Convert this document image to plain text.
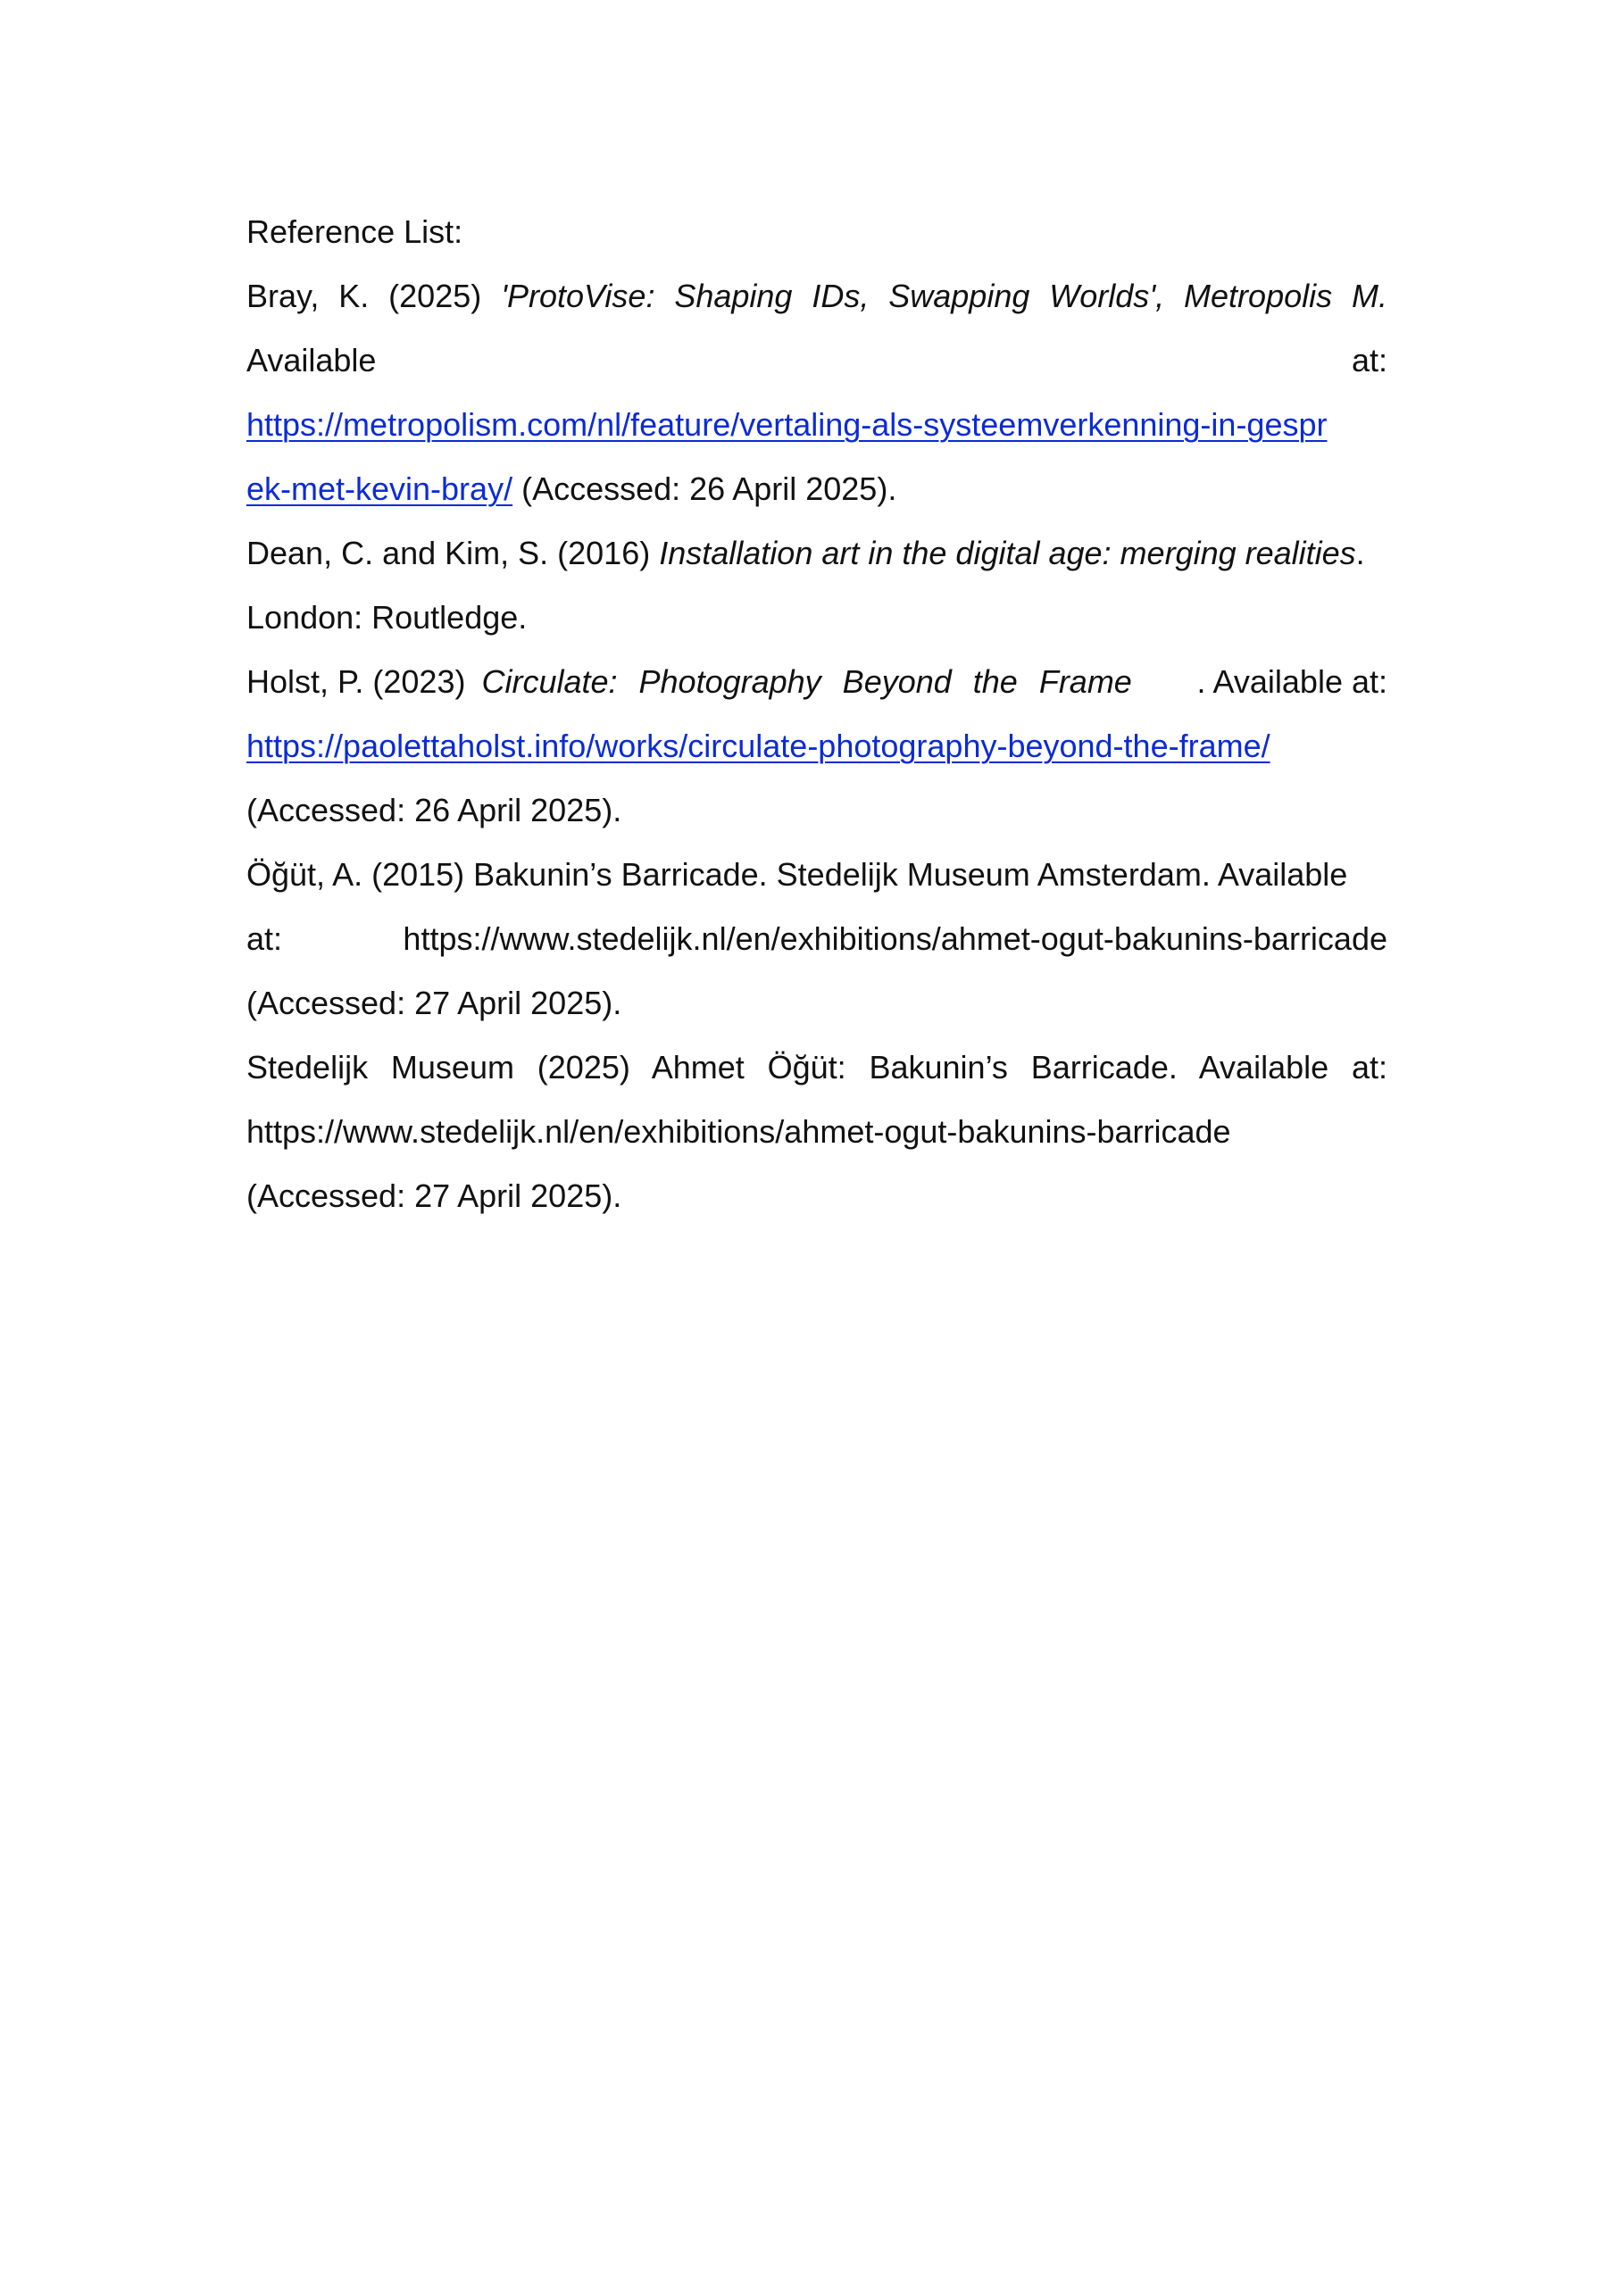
Reference List:
Bray, K. (2025) 'ProtoVise: Shaping IDs, Swapping Worlds', Metropolis M.
Available	at:
https://metropolism.com/nl/feature/vertaling-als-systeemverkenning-in-gespr
ek-met-kevin-bray/ (Accessed: 26 April 2025).
Dean, C. and Kim, S. (2016) Installation art in the digital age: merging realities.
London: Routledge.
Holst, P. (2023) Circulate: Photography Beyond the Frame . Available at:
https://paolettaholst.info/works/circulate-photography-beyond-the-frame/
(Accessed: 26 April 2025).
Öğüt, A. (2015) Bakunin’s Barricade. Stedelijk Museum Amsterdam. Available
at:	https://www.stedelijk.nl/en/exhibitions/ahmet-ogut-bakunins-barricade
(Accessed: 27 April 2025).
Stedelijk Museum (2025) Ahmet Öğüt: Bakunin’s Barricade. Available at:
https://www.stedelijk.nl/en/exhibitions/ahmet-ogut-bakunins-barricade
(Accessed: 27 April 2025).
